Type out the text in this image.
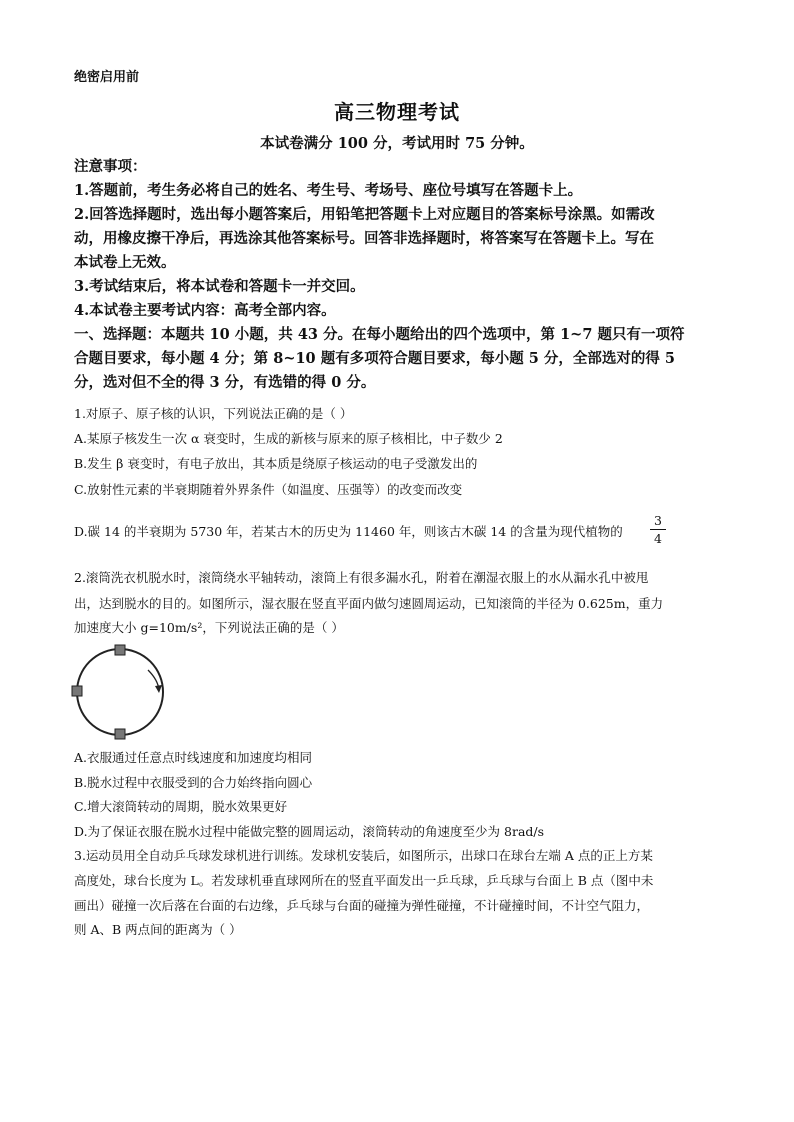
绝密启用前
高三物理考试
本试卷满分 100 分，考试用时 75 分钟。
注意事项：
1.答题前，考生务必将自己的姓名、考生号、考场号、座位号填写在答题卡上。
2.回答选择题时，选出每小题答案后，用铅笔把答题卡上对应题目的答案标号涂黑。如需改
动，用橡皮擦干净后，再选涂其他答案标号。回答非选择题时，将答案写在答题卡上。写在
本试卷上无效。
3.考试结束后，将本试卷和答题卡一并交回。
4.本试卷主要考试内容：高考全部内容。
一、选择题：本题共 10 小题，共 43 分。在每小题给出的四个选项中，第 1~7 题只有一项符
合题目要求，每小题 4 分；第 8~10 题有多项符合题目要求，每小题 5 分，全部选对的得 5
分，选对但不全的得 3 分，有选错的得 0 分。
1.对原子、原子核的认识，下列说法正确的是（ ）
A.某原子核发生一次 α 衰变时，生成的新核与原来的原子核相比，中子数少 2
B.发生 β 衰变时，有电子放出，其本质是绕原子核运动的电子受激发出的
C.放射性元素的半衰期随着外界条件（如温度、压强等）的改变而改变
D.碳 14 的半衰期为 5730 年，若某古木的历史为 11460 年，则该古木碳 14 的含量为现代植物的
3
4
2.滚筒洗衣机脱水时，滚筒绕水平轴转动，滚筒上有很多漏水孔，附着在潮湿衣服上的水从漏水孔中被甩
出，达到脱水的目的。如图所示，湿衣服在竖直平面内做匀速圆周运动，已知滚筒的半径为 0.625m，重力
加速度大小 g=10m/s²，下列说法正确的是（ ）
A.衣服通过任意点时线速度和加速度均相同
B.脱水过程中衣服受到的合力始终指向圆心
C.增大滚筒转动的周期，脱水效果更好
D.为了保证衣服在脱水过程中能做完整的圆周运动，滚筒转动的角速度至少为 8rad/s
3.运动员用全自动乒乓球发球机进行训练。发球机安装后，如图所示，出球口在球台左端 A 点的正上方某
高度处，球台长度为 L。若发球机垂直球网所在的竖直平面发出一乒乓球，乒乓球与台面上 B 点（图中未
画出）碰撞一次后落在台面的右边缘，乒乓球与台面的碰撞为弹性碰撞，不计碰撞时间，不计空气阻力，
则 A、B 两点间的距离为（ ）
